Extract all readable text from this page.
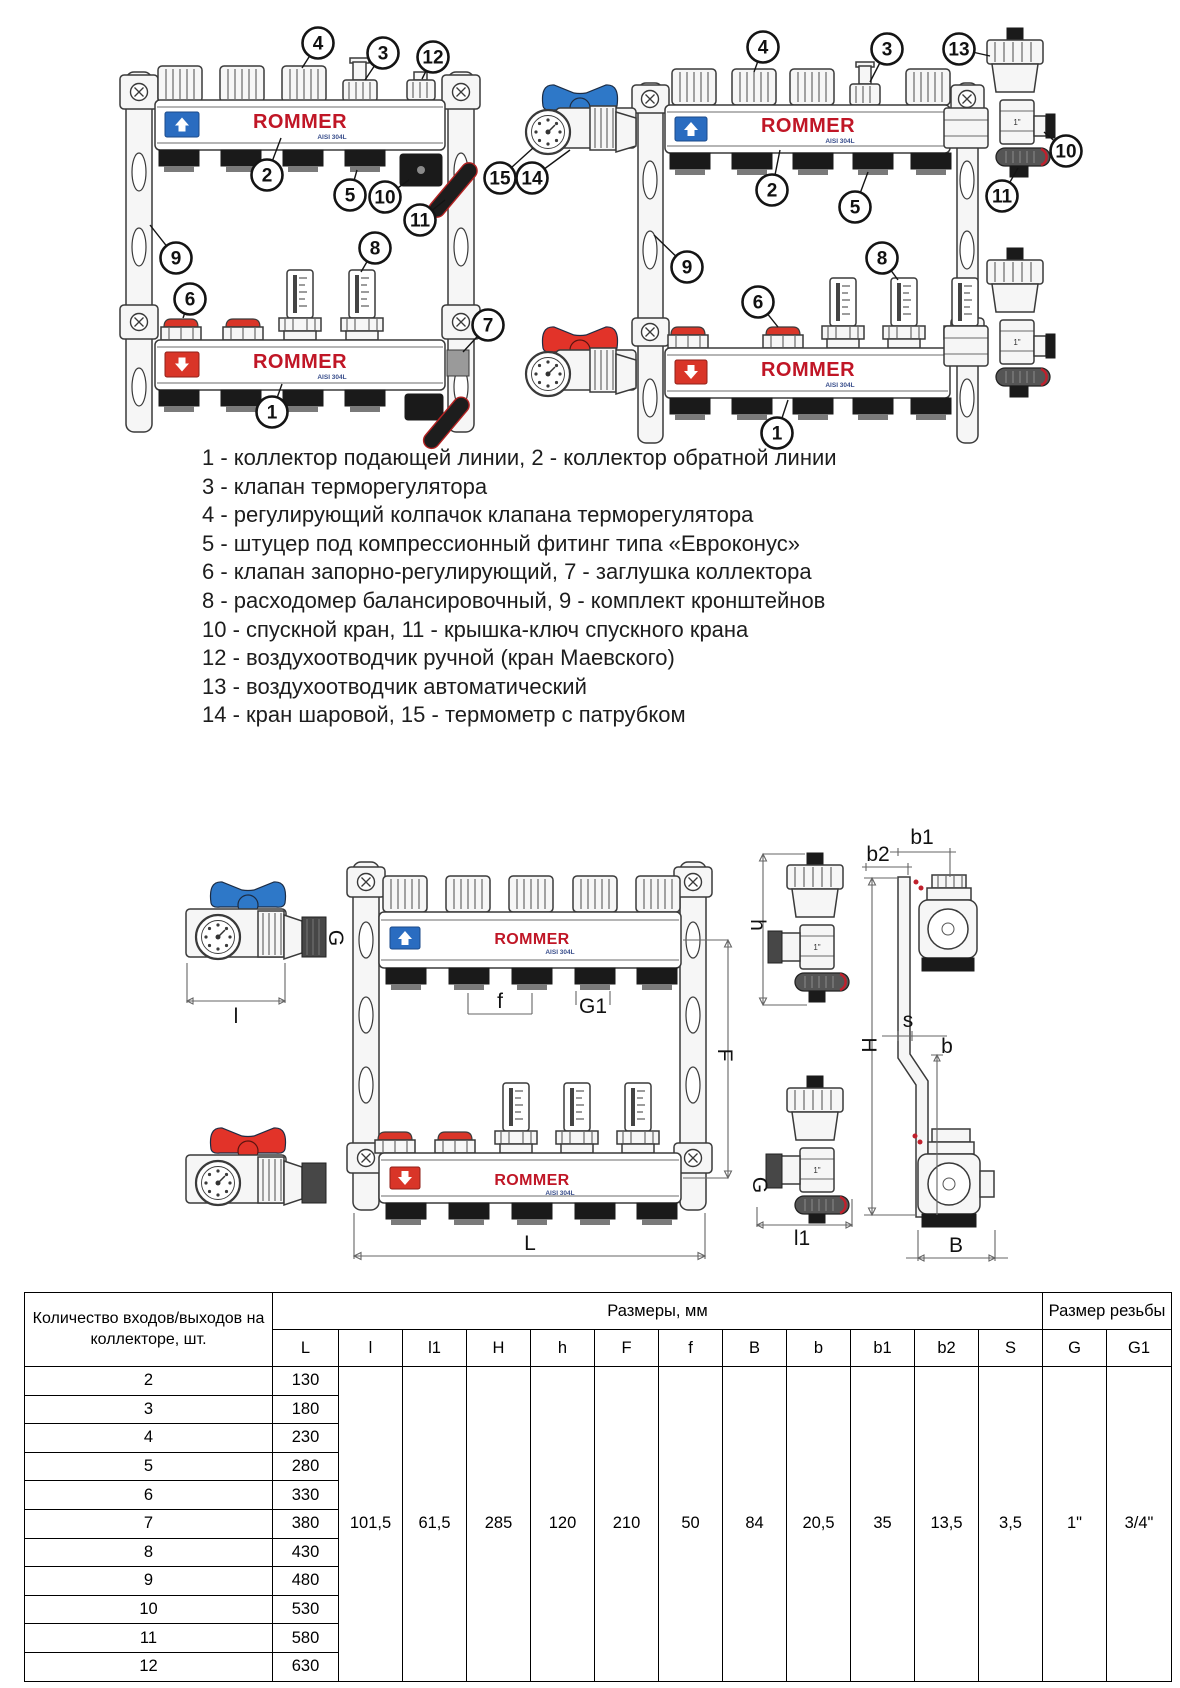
1"
ROMMER
AISI 304L
ROMMER
AISI 304L
4	3 12
2
5 10
11
9
6
8
7
1
ROMMER
AISI 304L
ROMMER
AISI 304L
4	3	13
15 14
2
5
9
6
8
10
11
1
1 - коллектор подающей линии, 2 - коллектор обратной линии
3 - клапан терморегулятора
4 - регулирующий колпачок клапана терморегулятора
5 - штуцер под компрессионный фитинг типа «Евроконус»
6 - клапан запорно-регулирующий, 7 - заглушка коллектора
8 - расходомер балансировочный, 9 - комплект кронштейнов
10 - спускной кран, 11 - крышка-ключ спускного крана
12 - воздухоотводчик ручной (кран Маевского)
13 - воздухоотводчик автоматический
14 - кран шаровой, 15 - термометр с патрубком
G
l
ROMMER
AISI 304L
ROMMER
AISI 304L
f	G1
L
F
h
G
l1
b1
b2
H
s
b
B
Количество входов/выходов на коллекторе, шт.	Размеры, мм												Размер резьбы	
	L	l	l1	H	h	F	f	B	b	b1	b2	S	G	G1
2	130	101,5	61,5	285	120	210	50	84	20,5	35	13,5	3,5	1"	3/4"
3	180													
4	230													
5	280													
6	330													
7	380													
8	430													
9	480													
10	530													
11	580													
12	630													
